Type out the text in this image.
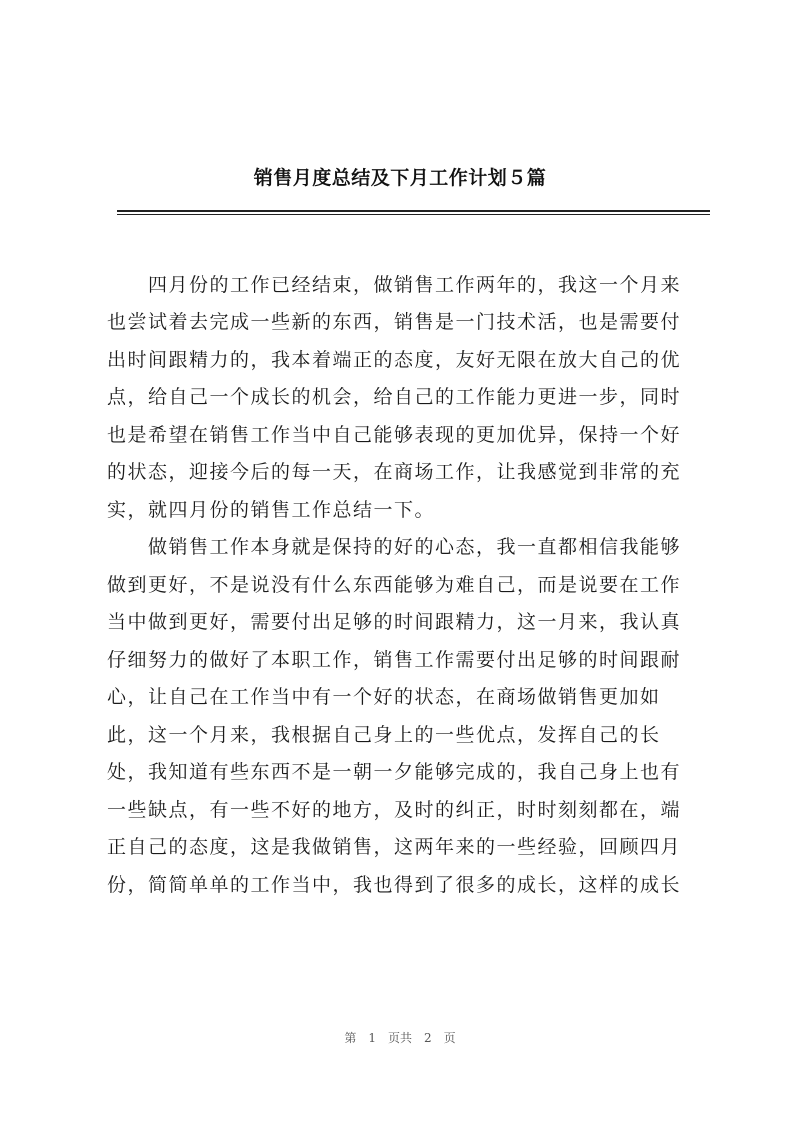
销售月度总结及下月工作计划５篇
　　四月份的工作已经结束，做销售工作两年的，我这一个月来
也尝试着去完成一些新的东西，销售是一门技术活，也是需要付
出时间跟精力的，我本着端正的态度，友好无限在放大自己的优
点，给自己一个成长的机会，给自己的工作能力更进一步，同时
也是希望在销售工作当中自己能够表现的更加优异，保持一个好
的状态，迎接今后的每一天，在商场工作，让我感觉到非常的充
实，就四月份的销售工作总结一下。
　　做销售工作本身就是保持的好的心态，我一直都相信我能够
做到更好，不是说没有什么东西能够为难自己，而是说要在工作
当中做到更好，需要付出足够的时间跟精力，这一月来，我认真
仔细努力的做好了本职工作，销售工作需要付出足够的时间跟耐
心，让自己在工作当中有一个好的状态，在商场做销售更加如
此，这一个月来，我根据自己身上的一些优点，发挥自己的长
处，我知道有些东西不是一朝一夕能够完成的，我自己身上也有
一些缺点，有一些不好的地方，及时的纠正，时时刻刻都在，端
正自己的态度，这是我做销售，这两年来的一些经验，回顾四月
份，简简单单的工作当中，我也得到了很多的成长，这样的成长
第 1 页共 2 页
